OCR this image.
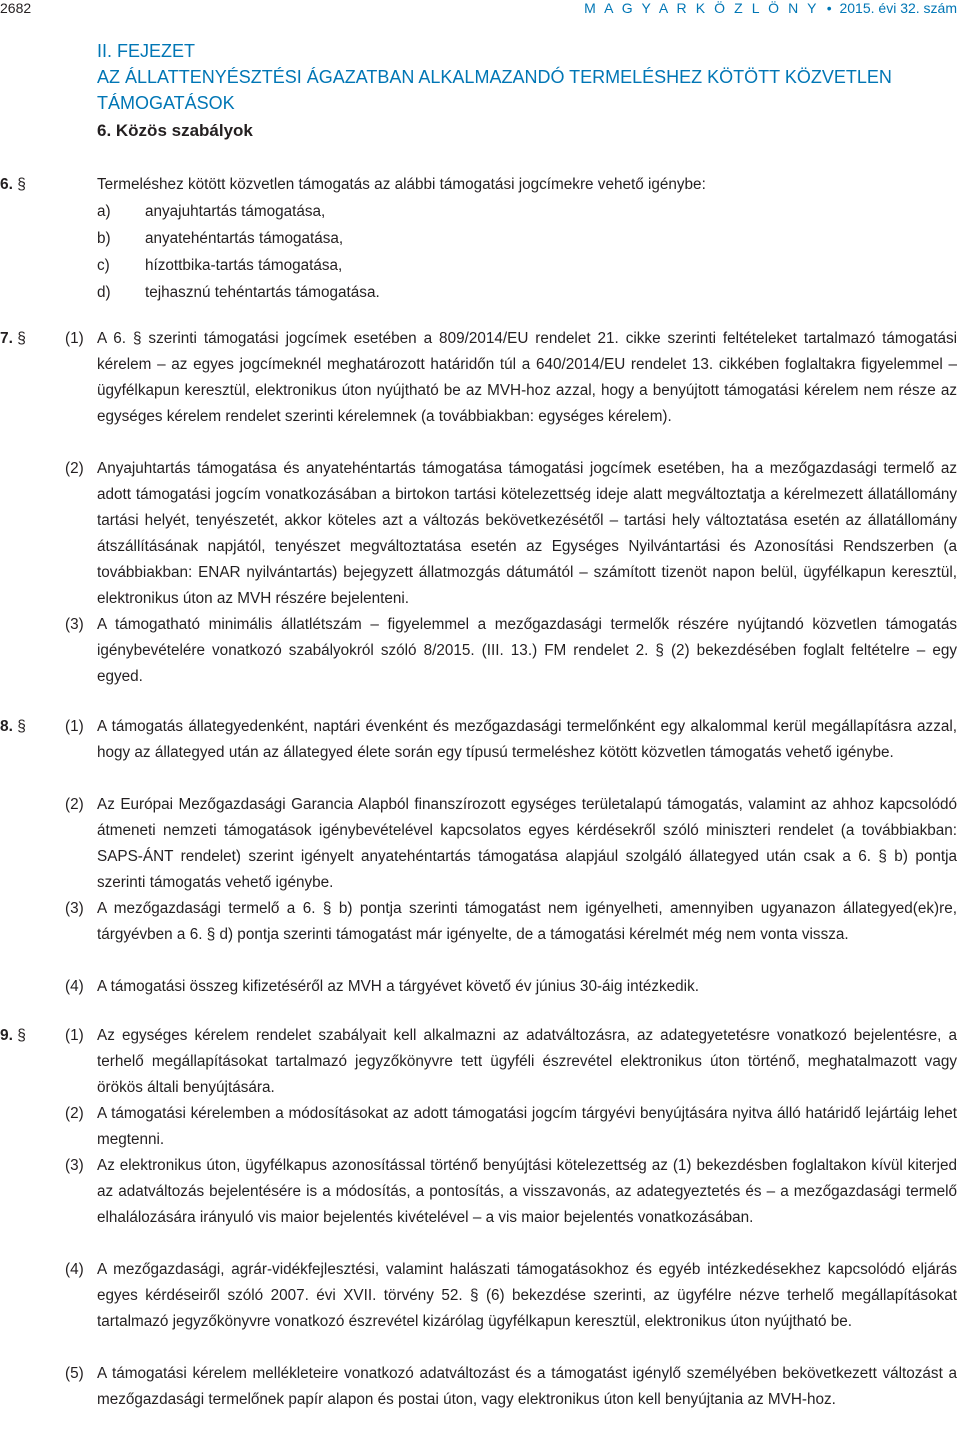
2682	M A G Y A R K Ö Z L Ö N Y • 2015. évi 32. szám
II. FEJEZET
AZ ÁLLATTENYÉSZTÉSI ÁGAZATBAN ALKALMAZANDÓ TERMELÉSHEZ KÖTÖTT KÖZVETLEN TÁMOGATÁSOK
6. Közös szabályok
6. §	Termeléshez kötött közvetlen támogatás az alábbi támogatási jogcímekre vehető igénybe:
a) anyajuhtartás támogatása,
b) anyatehéntartás támogatása,
c) hízottbika-tartás támogatása,
d) tejhasznú tehéntartás támogatása.
7. §	(1) A 6. § szerinti támogatási jogcímek esetében a 809/2014/EU rendelet 21. cikke szerinti feltételeket tartalmazó támogatási kérelem – az egyes jogcímeknél meghatározott határidőn túl a 640/2014/EU rendelet 13. cikkében foglaltakra figyelemmel – ügyfélkapun keresztül, elektronikus úton nyújtható be az MVH-hoz azzal, hogy a benyújtott támogatási kérelem nem része az egységes kérelem rendelet szerinti kérelemnek (a továbbiakban: egységes kérelem).

(2) Anyajuhtartás támogatása és anyatehéntartás támogatása támogatási jogcímek esetében, ha a mezőgazdasági termelő az adott támogatási jogcím vonatkozásában a birtokon tartási kötelezettség ideje alatt megváltoztatja a kérelmezett állatállomány tartási helyét, tenyészetét, akkor köteles azt a változás bekövetkezésétől – tartási hely változtatása esetén az állatállomány átszállításának napjától, tenyészet megváltoztatása esetén az Egységes Nyilvántartási és Azonosítási Rendszerben (a továbbiakban: ENAR nyilvántartás) bejegyzett állatmozgás dátumától – számított tizenöt napon belül, ügyfélkapun keresztül, elektronikus úton az MVH részére bejelenteni.

(3) A támogatható minimális állatlétszám – figyelemmel a mezőgazdasági termelők részére nyújtandó közvetlen támogatás igénybevételére vonatkozó szabályokról szóló 8/2015. (III. 13.) FM rendelet 2. § (2) bekezdésében foglalt feltételre – egy egyed.

8. §	(1) A támogatás állategyedenként, naptári évenként és mezőgazdasági termelőnként egy alkalommal kerül megállapításra azzal, hogy az állategyed után az állategyed élete során egy típusú termeléshez kötött közvetlen támogatás vehető igénybe.

(2) Az Európai Mezőgazdasági Garancia Alapból finanszírozott egységes területalapú támogatás, valamint az ahhoz kapcsolódó átmeneti nemzeti támogatások igénybevételével kapcsolatos egyes kérdésekről szóló miniszteri rendelet (a továbbiakban: SAPS-ÁNT rendelet) szerint igényelt anyatehéntartás támogatása alapjául szolgáló állategyed után csak a 6. § b) pontja szerinti támogatás vehető igénybe.

(3) A mezőgazdasági termelő a 6. § b) pontja szerinti támogatást nem igényelheti, amennyiben ugyanazon állategyed(ek)re, tárgyévben a 6. § d) pontja szerinti támogatást már igényelte, de a támogatási kérelmét még nem vonta vissza.

(4) A támogatási összeg kifizetéséről az MVH a tárgyévet követő év június 30-áig intézkedik.

9. §	(1) Az egységes kérelem rendelet szabályait kell alkalmazni az adatváltozásra, az adategyetetésre vonatkozó bejelentésre, a terhelő megállapításokat tartalmazó jegyzőkönyvre tett ügyféli észrevétel elektronikus úton történő, meghatalmazott vagy örökös általi benyújtására.

(2) A támogatási kérelemben a módosításokat az adott támogatási jogcím tárgyévi benyújtására nyitva álló határidő lejártáig lehet megtenni.

(3) Az elektronikus úton, ügyfélkapus azonosítással történő benyújtási kötelezettség az (1) bekezdésben foglaltakon kívül kiterjed az adatváltozás bejelentésére is a módosítás, a pontosítás, a visszavonás, az adategyeztetés és – a mezőgazdasági termelő elhalálozására irányuló vis maior bejelentés kivételével – a vis maior bejelentés vonatkozásában.

(4) A mezőgazdasági, agrár-vidékfejlesztési, valamint halászati támogatásokhoz és egyéb intézkedésekhez kapcsolódó eljárás egyes kérdéseiről szóló 2007. évi XVII. törvény 52. § (6) bekezdése szerinti, az ügyfélre nézve terhelő megállapításokat tartalmazó jegyzőkönyvre vonatkozó észrevétel kizárólag ügyfélkapun keresztül, elektronikus úton nyújtható be.

(5) A támogatási kérelem mellékleteire vonatkozó adatváltozást és a támogatást igénylő személyében bekövetkezett változást a mezőgazdasági termelőnek papír alapon és postai úton, vagy elektronikus úton kell benyújtania az MVH-hoz.
